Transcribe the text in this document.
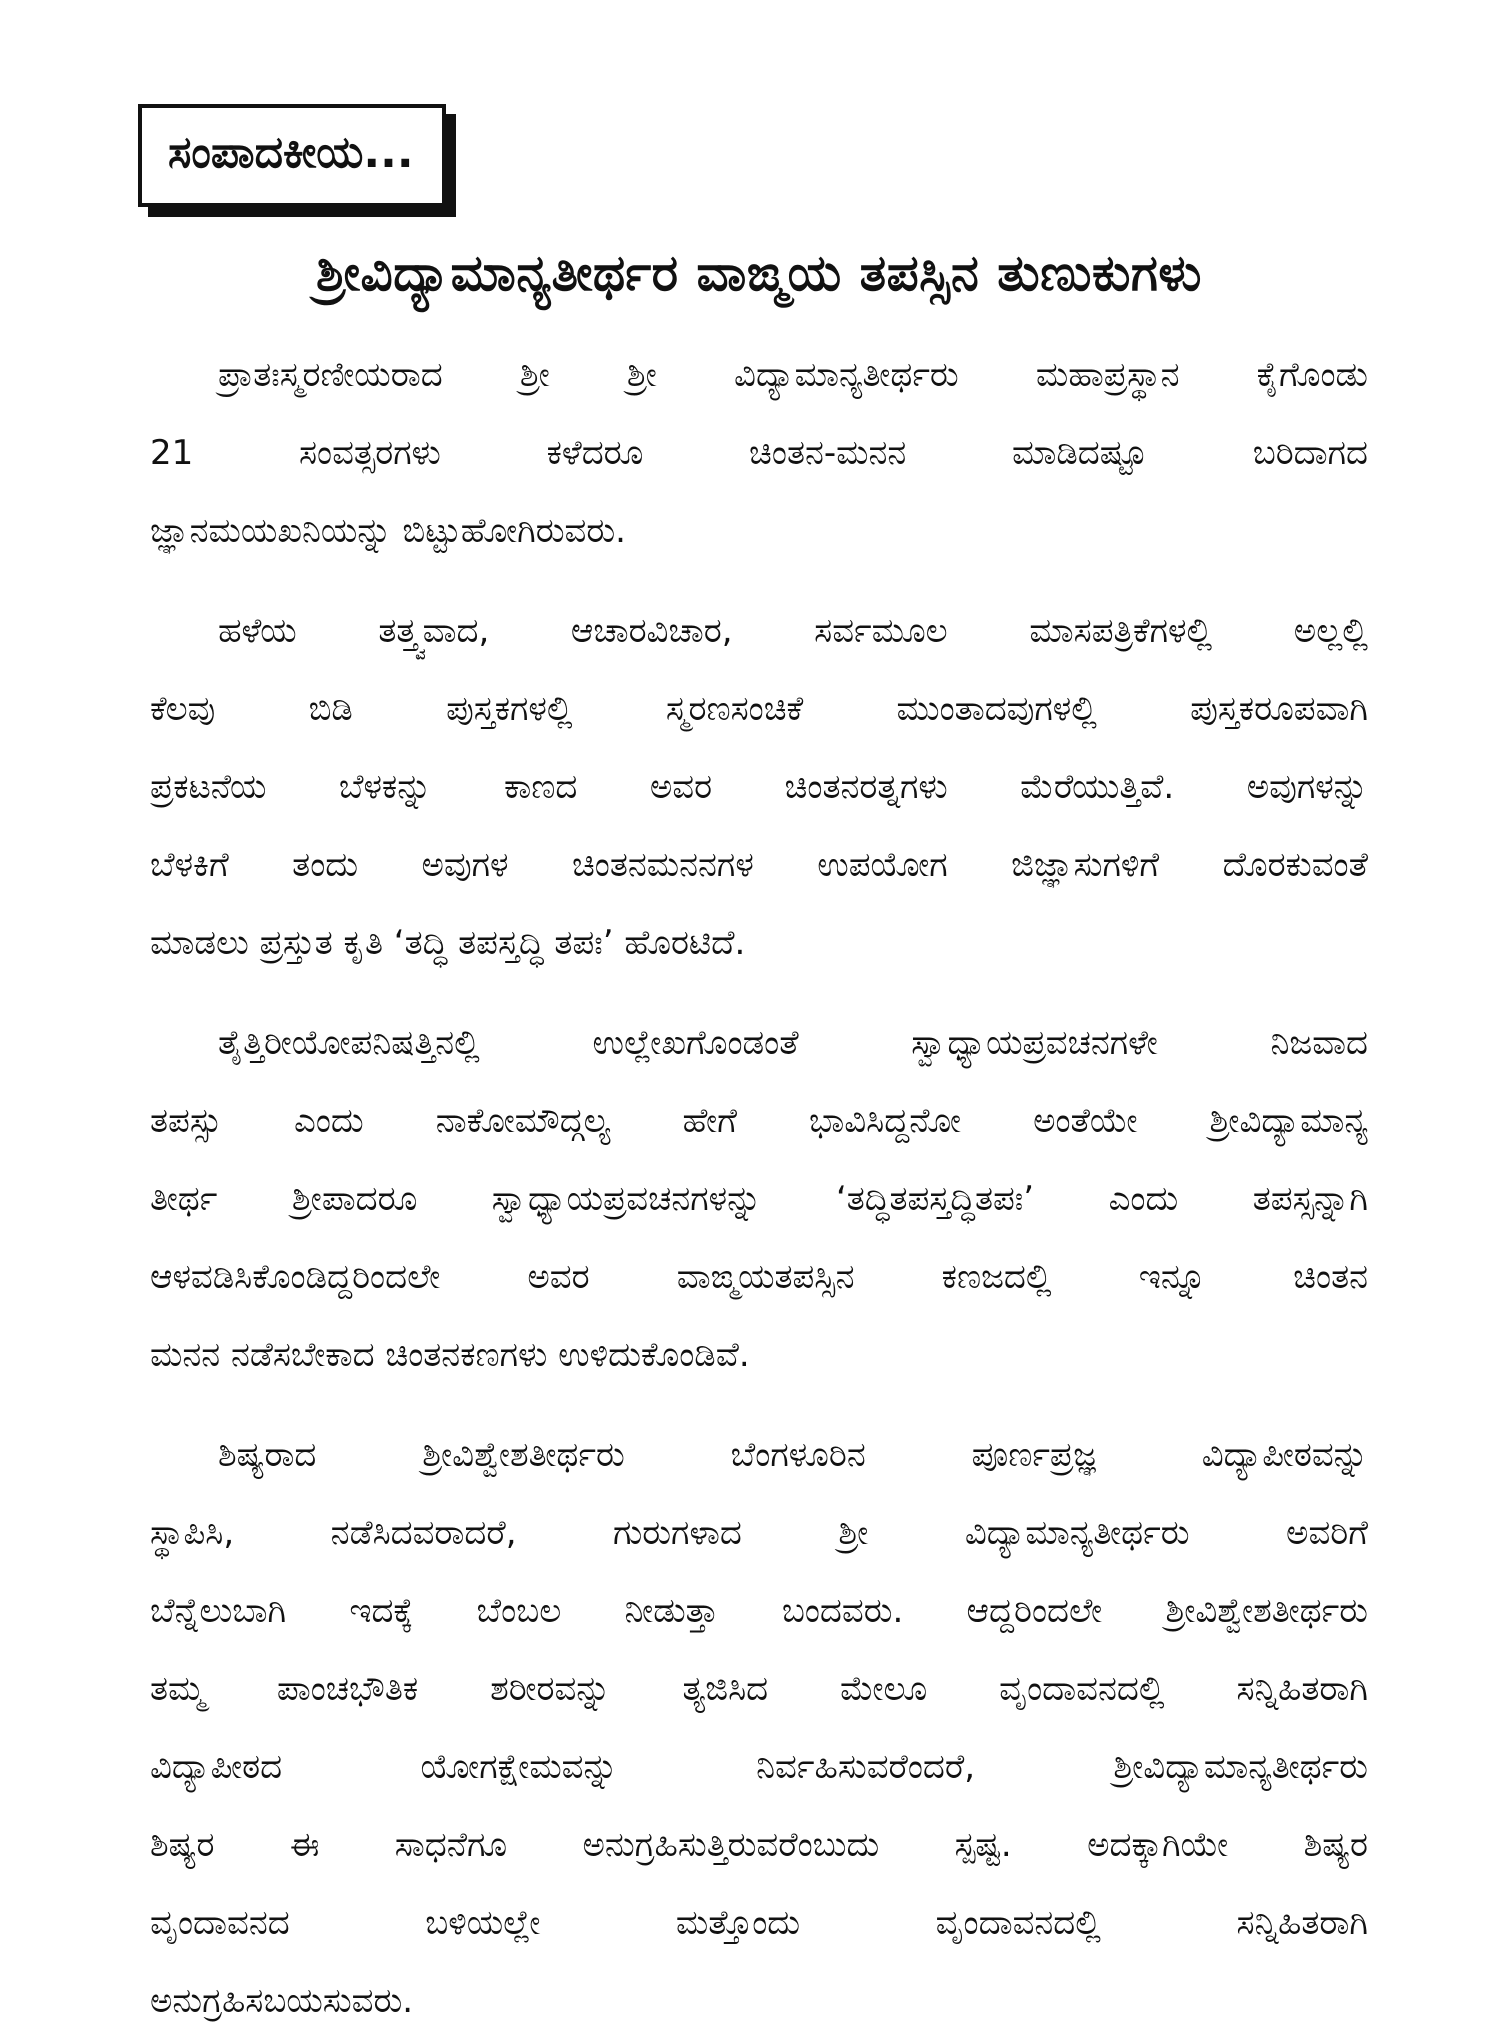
ಸಂಪಾದಕೀಯ...
ಶ್ರೀವಿದ್ಯಾಮಾನ್ಯತೀರ್ಥರ ವಾಙ್ಮಯ ತಪಸ್ಸಿನ ತುಣುಕುಗಳು
ಪ್ರಾತಃಸ್ಮರಣೀಯರಾದ ಶ್ರೀ ಶ್ರೀ ವಿದ್ಯಾಮಾನ್ಯತೀರ್ಥರು ಮಹಾಪ್ರಸ್ಥಾನ ಕೈಗೊಂಡು
21 ಸಂವತ್ಸರಗಳು ಕಳೆದರೂ ಚಿಂತನ-ಮನನ ಮಾಡಿದಷ್ಟೂ ಬರಿದಾಗದ
ಜ್ಞಾನಮಯಖನಿಯನ್ನು ಬಿಟ್ಟುಹೋಗಿರುವರು.
ಹಳೆಯ ತತ್ತ್ವವಾದ, ಆಚಾರವಿಚಾರ, ಸರ್ವಮೂಲ ಮಾಸಪತ್ರಿಕೆಗಳಲ್ಲಿ ಅಲ್ಲಲ್ಲಿ
ಕೆಲವು ಬಿಡಿ ಪುಸ್ತಕಗಳಲ್ಲಿ ಸ್ಮರಣಸಂಚಿಕೆ ಮುಂತಾದವುಗಳಲ್ಲಿ ಪುಸ್ತಕರೂಪವಾಗಿ
ಪ್ರಕಟನೆಯ ಬೆಳಕನ್ನು ಕಾಣದ ಅವರ ಚಿಂತನರತ್ನಗಳು ಮೆರೆಯುತ್ತಿವೆ. ಅವುಗಳನ್ನು
ಬೆಳಕಿಗೆ ತಂದು ಅವುಗಳ ಚಿಂತನಮನನಗಳ ಉಪಯೋಗ ಜಿಜ್ಞಾಸುಗಳಿಗೆ ದೊರಕುವಂತೆ
ಮಾಡಲು ಪ್ರಸ್ತುತ ಕೃತಿ ‘ತದ್ಧಿ ತಪಸ್ತದ್ಧಿ ತಪಃ’ ಹೊರಟಿದೆ.
ತೈತ್ತಿರೀಯೋಪನಿಷತ್ತಿನಲ್ಲಿ ಉಲ್ಲೇಖಗೊಂಡಂತೆ ಸ್ವಾಧ್ಯಾಯಪ್ರವಚನಗಳೇ ನಿಜವಾದ
ತಪಸ್ಸು ಎಂದು ನಾಕೋಮೌದ್ಗಲ್ಯ ಹೇಗೆ ಭಾವಿಸಿದ್ದನೋ ಅಂತೆಯೇ ಶ್ರೀವಿದ್ಯಾಮಾನ್ಯ
ತೀರ್ಥ ಶ್ರೀಪಾದರೂ ಸ್ವಾಧ್ಯಾಯಪ್ರವಚನಗಳನ್ನು ‘ತದ್ಧಿತಪಸ್ತದ್ಧಿತಪಃ’ ಎಂದು ತಪಸ್ಸನ್ನಾಗಿ
ಆಳವಡಿಸಿಕೊಂಡಿದ್ದರಿಂದಲೇ ಅವರ ವಾಙ್ಮಯತಪಸ್ಸಿನ ಕಣಜದಲ್ಲಿ ಇನ್ನೂ ಚಿಂತನ
ಮನನ ನಡೆಸಬೇಕಾದ ಚಿಂತನಕಣಗಳು ಉಳಿದುಕೊಂಡಿವೆ.
ಶಿಷ್ಯರಾದ ಶ್ರೀವಿಶ್ವೇಶತೀರ್ಥರು ಬೆಂಗಳೂರಿನ ಪೂರ್ಣಪ್ರಜ್ಞ ವಿದ್ಯಾಪೀಠವನ್ನು
ಸ್ಥಾಪಿಸಿ, ನಡೆಸಿದವರಾದರೆ, ಗುರುಗಳಾದ ಶ್ರೀ ವಿದ್ಯಾಮಾನ್ಯತೀರ್ಥರು ಅವರಿಗೆ
ಬೆನ್ನೆಲುಬಾಗಿ ಇದಕ್ಕೆ ಬೆಂಬಲ ನೀಡುತ್ತಾ ಬಂದವರು. ಆದ್ದರಿಂದಲೇ ಶ್ರೀವಿಶ್ವೇಶತೀರ್ಥರು
ತಮ್ಮ ಪಾಂಚಭೌತಿಕ ಶರೀರವನ್ನು ತ್ಯಜಿಸಿದ ಮೇಲೂ ವೃಂದಾವನದಲ್ಲಿ ಸನ್ನಿಹಿತರಾಗಿ
ವಿದ್ಯಾಪೀಠದ ಯೋಗಕ್ಷೇಮವನ್ನು ನಿರ್ವಹಿಸುವರೆಂದರೆ, ಶ್ರೀವಿದ್ಯಾಮಾನ್ಯತೀರ್ಥರು
ಶಿಷ್ಯರ ಈ ಸಾಧನೆಗೂ ಅನುಗ್ರಹಿಸುತ್ತಿರುವರೆಂಬುದು ಸ್ಪಷ್ಟ. ಅದಕ್ಕಾಗಿಯೇ ಶಿಷ್ಯರ
ವೃಂದಾವನದ ಬಳಿಯಲ್ಲೇ ಮತ್ತೊಂದು ವೃಂದಾವನದಲ್ಲಿ ಸನ್ನಿಹಿತರಾಗಿ
ಅನುಗ್ರಹಿಸಬಯಸುವರು.
